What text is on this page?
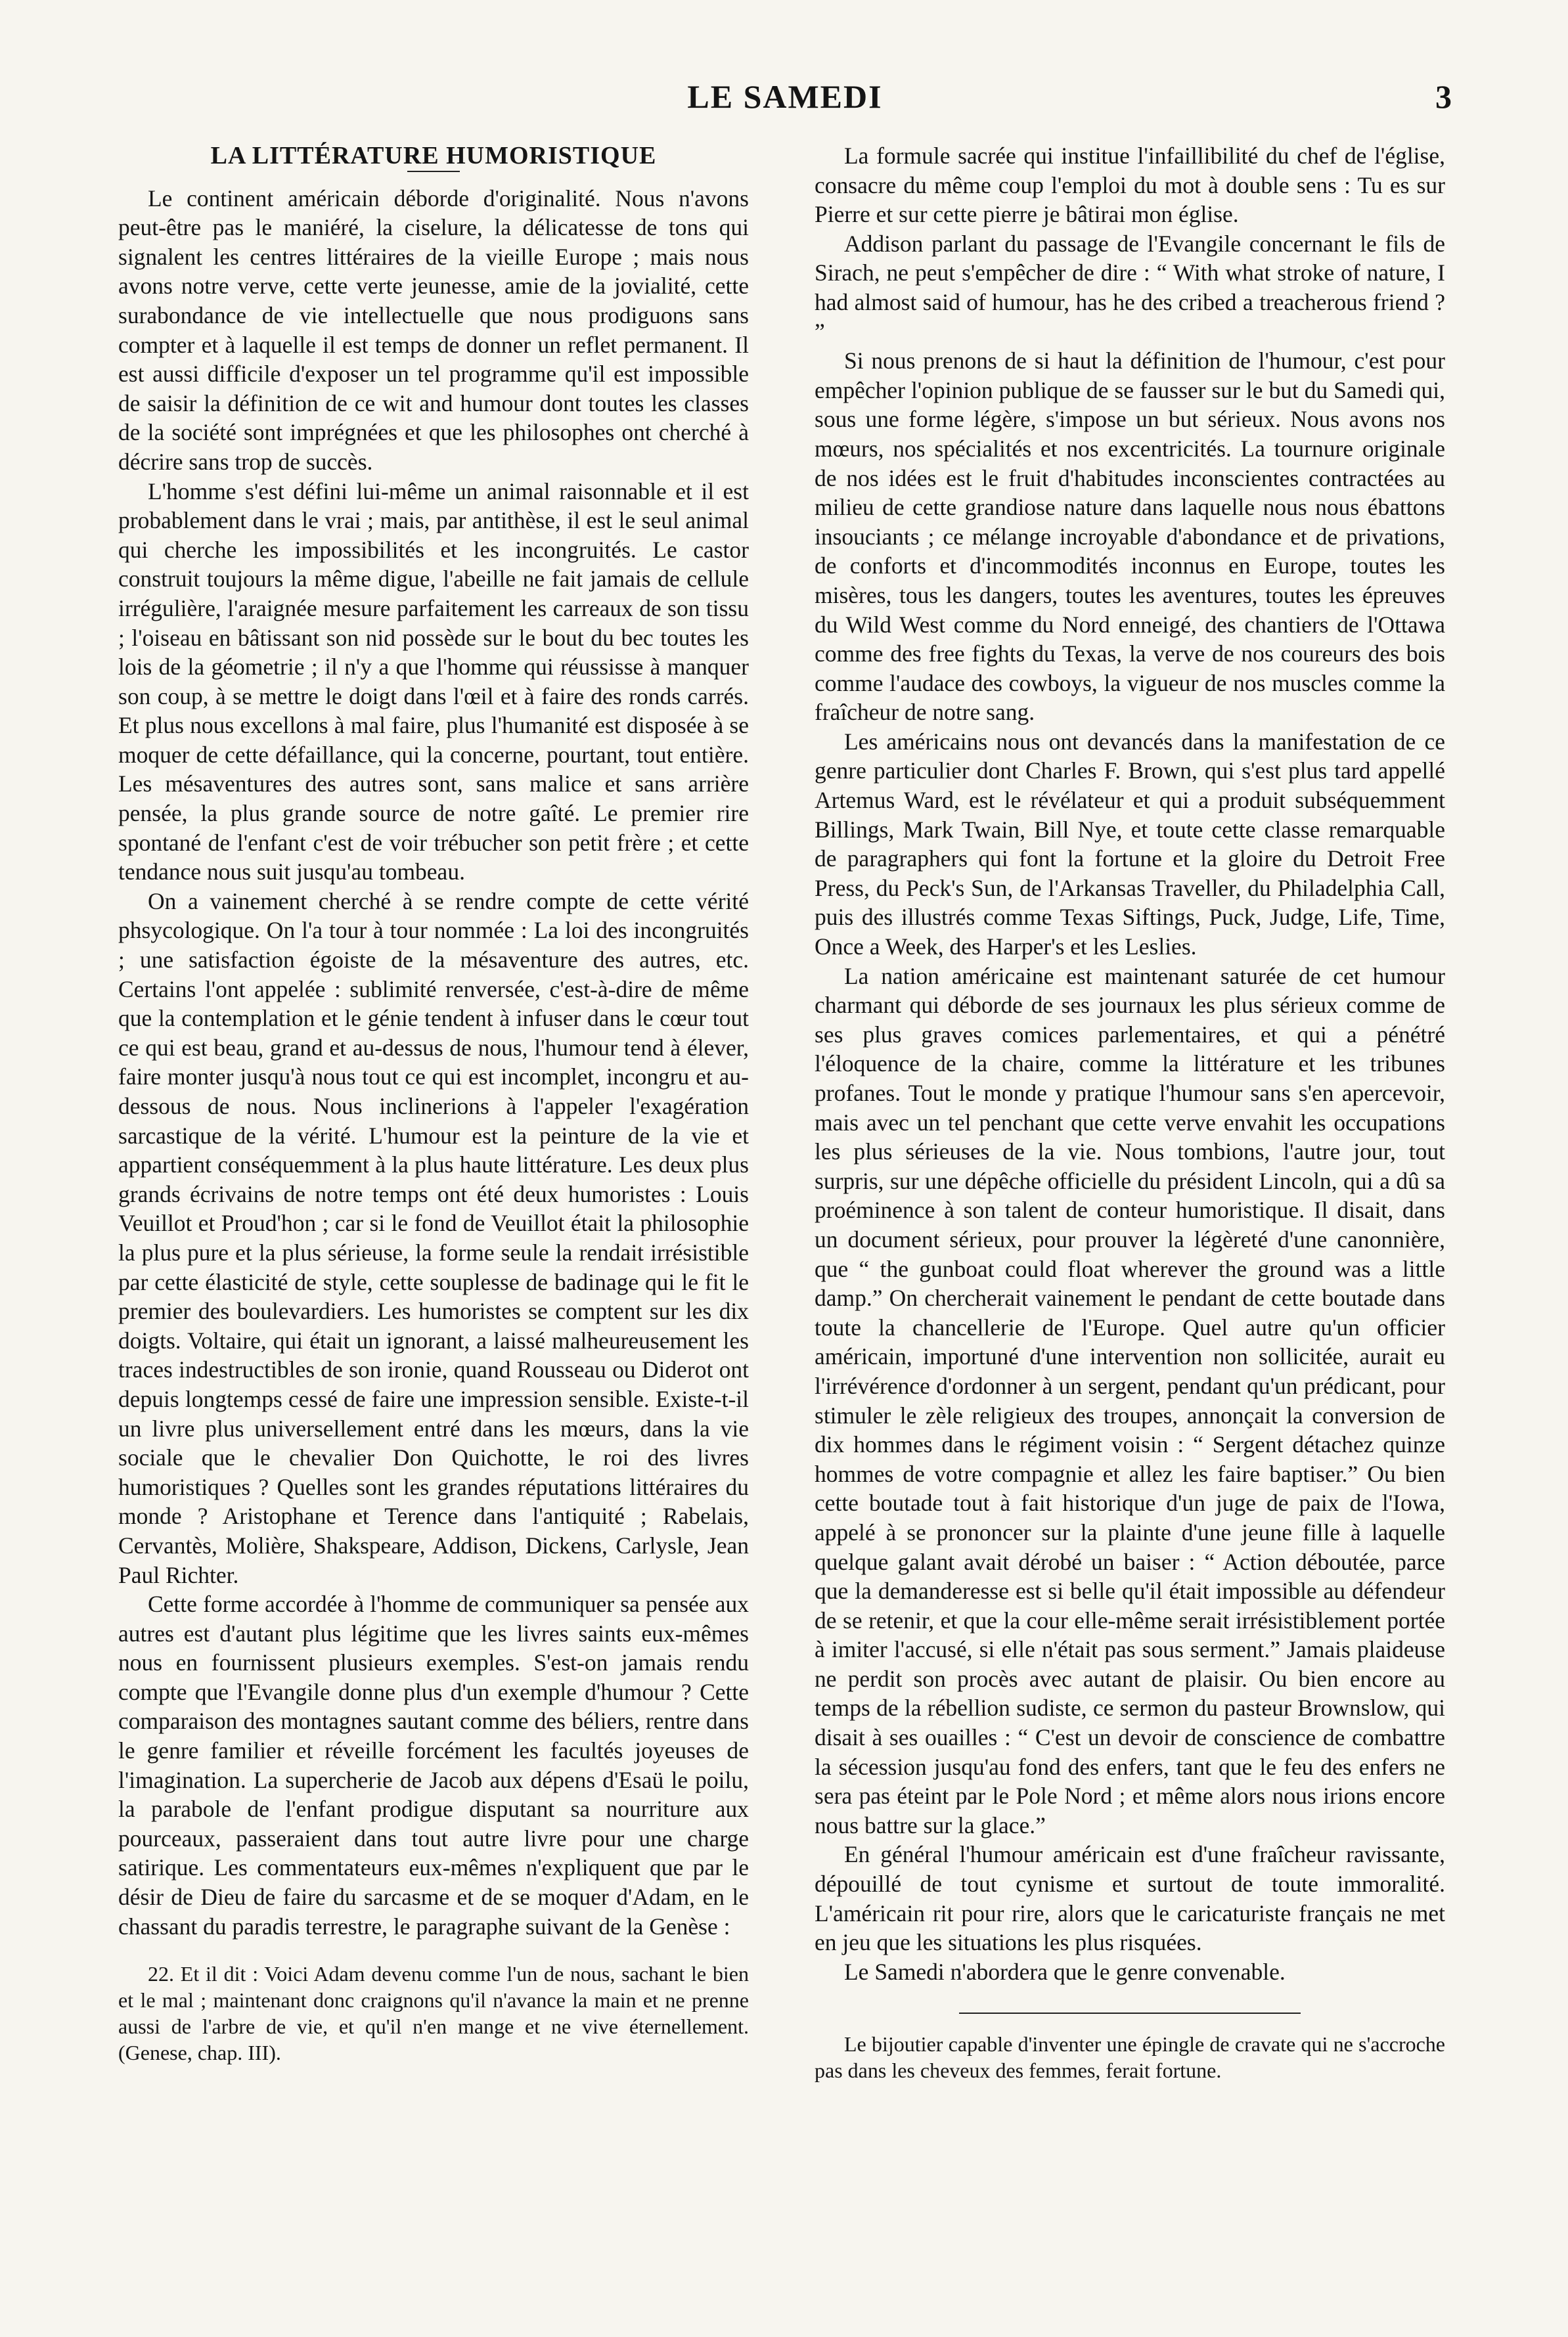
LE SAMEDI	3

LA LITTÉRATURE HUMORISTIQUE

Le continent américain déborde d'originalité. Nous n'avons peut-être pas le maniéré, la ciselure, la délicatesse de tons qui signalent les centres littéraires de la vieille Europe ; mais nous avons notre verve, cette verte jeunesse, amie de la jovialité, cette surabondance de vie intellectuelle que nous prodiguons sans compter et à laquelle il est temps de donner un reflet permanent. Il est aussi difficile d'exposer un tel programme qu'il est impossible de saisir la définition de ce wit and humour dont toutes les classes de la société sont imprégnées et que les philosophes ont cherché à décrire sans trop de succès.

L'homme s'est défini lui-même un animal raisonnable et il est probablement dans le vrai ; mais, par antithèse, il est le seul animal qui cherche les impossibilités et les incongruités. Le castor construit toujours la même digue, l'abeille ne fait jamais de cellule irrégulière, l'araignée mesure parfaitement les carreaux de son tissu ; l'oiseau en bâtissant son nid possède sur le bout du bec toutes les lois de la géometrie ; il n'y a que l'homme qui réussisse à manquer son coup, à se mettre le doigt dans l'œil et à faire des ronds carrés. Et plus nous excellons à mal faire, plus l'humanité est disposée à se moquer de cette défaillance, qui la concerne, pourtant, tout entière. Les mésaventures des autres sont, sans malice et sans arrière pensée, la plus grande source de notre gaîté. Le premier rire spontané de l'enfant c'est de voir trébucher son petit frère ; et cette tendance nous suit jusqu'au tombeau.

On a vainement cherché à se rendre compte de cette vérité phsycologique. On l'a tour à tour nommée : La loi des incongruités ; une satisfaction égoiste de la mésaventure des autres, etc. Certains l'ont appelée : sublimité renversée, c'est-à-dire de même que la contemplation et le génie tendent à infuser dans le cœur tout ce qui est beau, grand et au-dessus de nous, l'humour tend à élever, faire monter jusqu'à nous tout ce qui est incomplet, incongru et au-dessous de nous. Nous inclinerions à l'appeler l'exagération sarcastique de la vérité. L'humour est la peinture de la vie et appartient conséquemment à la plus haute littérature. Les deux plus grands écrivains de notre temps ont été deux humoristes : Louis Veuillot et Proud'hon ; car si le fond de Veuillot était la philosophie la plus pure et la plus sérieuse, la forme seule la rendait irrésistible par cette élasticité de style, cette souplesse de badinage qui le fit le premier des boulevardiers. Les humoristes se comptent sur les dix doigts. Voltaire, qui était un ignorant, a laissé malheureusement les traces indestructibles de son ironie, quand Rousseau ou Diderot ont depuis longtemps cessé de faire une impression sensible. Existe-t-il un livre plus universellement entré dans les mœurs, dans la vie sociale que le chevalier Don Quichotte, le roi des livres humoristiques ? Quelles sont les grandes réputations littéraires du monde ? Aristophane et Terence dans l'antiquité ; Rabelais, Cervantès, Molière, Shakspeare, Addison, Dickens, Carlysle, Jean Paul Richter.

Cette forme accordée à l'homme de communiquer sa pensée aux autres est d'autant plus légitime que les livres saints eux-mêmes nous en fournissent plusieurs exemples. S'est-on jamais rendu compte que l'Evangile donne plus d'un exemple d'humour ? Cette comparaison des montagnes sautant comme des béliers, rentre dans le genre familier et réveille forcément les facultés joyeuses de l'imagination. La supercherie de Jacob aux dépens d'Esaü le poilu, la parabole de l'enfant prodigue disputant sa nourriture aux pourceaux, passeraient dans tout autre livre pour une charge satirique. Les commentateurs eux-mêmes n'expliquent que par le désir de Dieu de faire du sarcasme et de se moquer d'Adam, en le chassant du paradis terrestre, le paragraphe suivant de la Genèse :

22. Et il dit : Voici Adam devenu comme l'un de nous, sachant le bien et le mal ; maintenant donc craignons qu'il n'avance la main et ne prenne aussi de l'arbre de vie, et qu'il n'en mange et ne vive éternellement. (Genese, chap. III).

La formule sacrée qui institue l'infaillibilité du chef de l'église, consacre du même coup l'emploi du mot à double sens : Tu es sur Pierre et sur cette pierre je bâtirai mon église.

Addison parlant du passage de l'Evangile concernant le fils de Sirach, ne peut s'empêcher de dire : “ With what stroke of nature, I had almost said of humour, has he des cribed a treacherous friend ? ”

Si nous prenons de si haut la définition de l'humour, c'est pour empêcher l'opinion publique de se fausser sur le but du Samedi qui, sous une forme légère, s'impose un but sérieux. Nous avons nos mœurs, nos spécialités et nos excentricités. La tournure originale de nos idées est le fruit d'habitudes inconscientes contractées au milieu de cette grandiose nature dans laquelle nous nous ébattons insouciants ; ce mélange incroyable d'abondance et de privations, de conforts et d'incommodités inconnus en Europe, toutes les misères, tous les dangers, toutes les aventures, toutes les épreuves du Wild West comme du Nord enneigé, des chantiers de l'Ottawa comme des free fights du Texas, la verve de nos coureurs des bois comme l'audace des cowboys, la vigueur de nos muscles comme la fraîcheur de notre sang.

Les américains nous ont devancés dans la manifestation de ce genre particulier dont Charles F. Brown, qui s'est plus tard appellé Artemus Ward, est le révélateur et qui a produit subséquemment Billings, Mark Twain, Bill Nye, et toute cette classe remarquable de paragraphers qui font la fortune et la gloire du Detroit Free Press, du Peck's Sun, de l'Arkansas Traveller, du Philadelphia Call, puis des illustrés comme Texas Siftings, Puck, Judge, Life, Time, Once a Week, des Harper's et les Leslies.

La nation américaine est maintenant saturée de cet humour charmant qui déborde de ses journaux les plus sérieux comme de ses plus graves comices parlementaires, et qui a pénétré l'éloquence de la chaire, comme la littérature et les tribunes profanes. Tout le monde y pratique l'humour sans s'en apercevoir, mais avec un tel penchant que cette verve envahit les occupations les plus sérieuses de la vie. Nous tombions, l'autre jour, tout surpris, sur une dépêche officielle du président Lincoln, qui a dû sa proéminence à son talent de conteur humoristique. Il disait, dans un document sérieux, pour prouver la légèreté d'une canonnière, que “ the gunboat could float wherever the ground was a little damp.” On chercherait vainement le pendant de cette boutade dans toute la chancellerie de l'Europe. Quel autre qu'un officier américain, importuné d'une intervention non sollicitée, aurait eu l'irrévérence d'ordonner à un sergent, pendant qu'un prédicant, pour stimuler le zèle religieux des troupes, annonçait la conversion de dix hommes dans le régiment voisin : “ Sergent détachez quinze hommes de votre compagnie et allez les faire baptiser.” Ou bien cette boutade tout à fait historique d'un juge de paix de l'Iowa, appelé à se prononcer sur la plainte d'une jeune fille à laquelle quelque galant avait dérobé un baiser : “ Action déboutée, parce que la demanderesse est si belle qu'il était impossible au défendeur de se retenir, et que la cour elle-même serait irrésistiblement portée à imiter l'accusé, si elle n'était pas sous serment.” Jamais plaideuse ne perdit son procès avec autant de plaisir. Ou bien encore au temps de la rébellion sudiste, ce sermon du pasteur Brownslow, qui disait à ses ouailles : “ C'est un devoir de conscience de combattre la sécession jusqu'au fond des enfers, tant que le feu des enfers ne sera pas éteint par le Pole Nord ; et même alors nous irions encore nous battre sur la glace.”

En général l'humour américain est d'une fraîcheur ravissante, dépouillé de tout cynisme et surtout de toute immoralité. L'américain rit pour rire, alors que le caricaturiste français ne met en jeu que les situations les plus risquées.

Le Samedi n'abordera que le genre convenable.

Le bijoutier capable d'inventer une épingle de cravate qui ne s'accroche pas dans les cheveux des femmes, ferait fortune.
